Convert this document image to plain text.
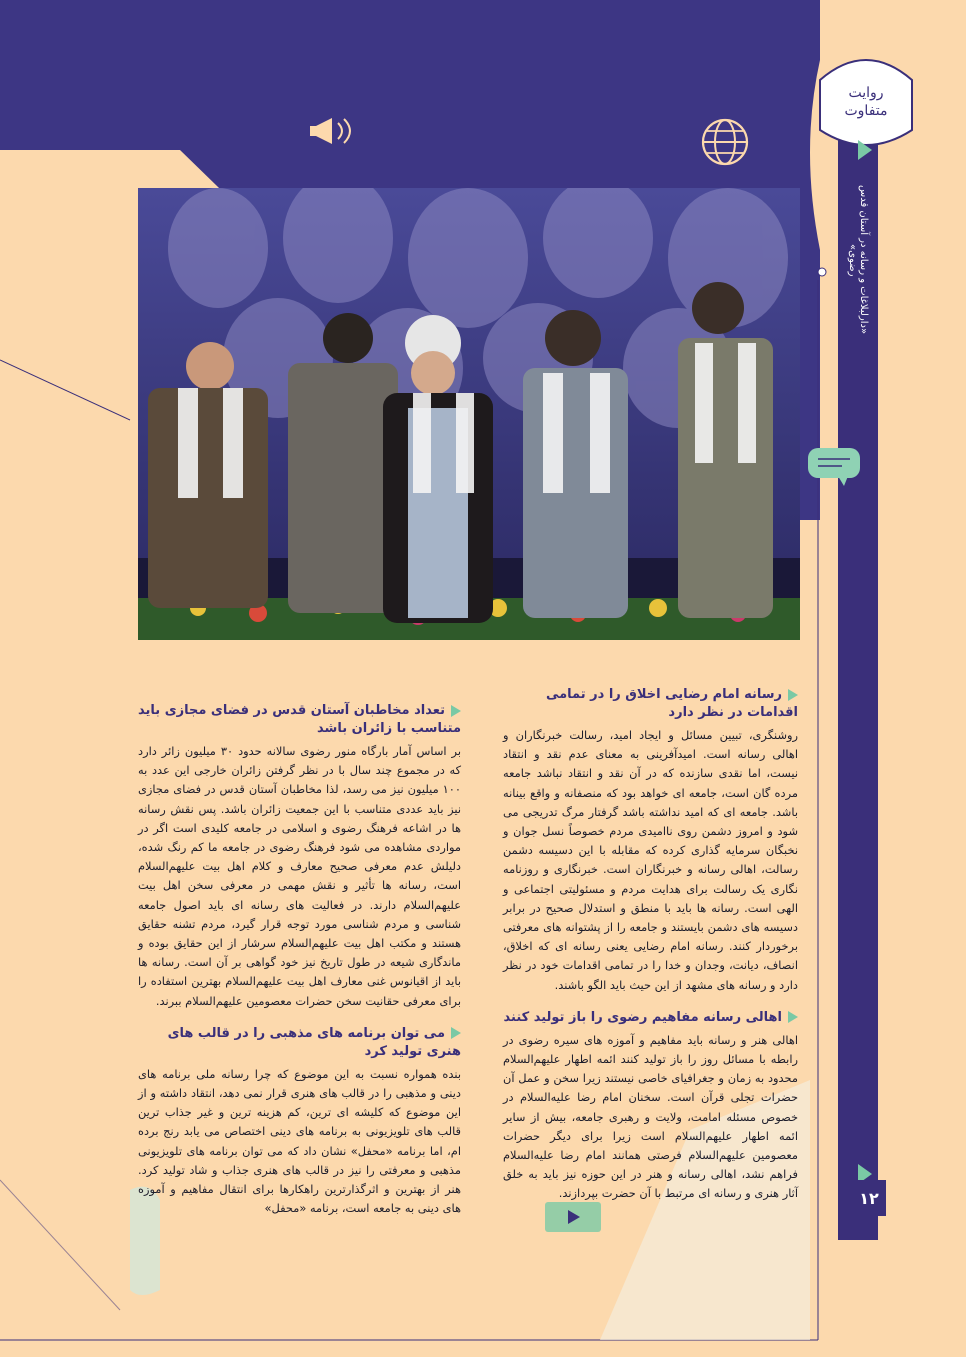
روایت متفاوت
«دارلبلاغات و رسانه در آستان قدس رضوی»
۱۲
رسانه امام رضایی اخلاق را در تمامی اقدامات در نظر دارد

روشنگری، تبیین مسائل و ایجاد امید، رسالت خبرنگاران و اهالی رسانه است. امیدآفرینی به معنای عدم نقد و انتقاد نیست، اما نقدی سازنده که در آن نقد و انتقاد نباشد جامعه مرده گان است، جامعه ای خواهد بود که منصفانه و واقع بینانه باشد. جامعه ای که امید نداشته باشد گرفتار مرگ تدریجی می شود و امروز دشمن روی ناامیدی مردم خصوصاً نسل جوان و نخبگان سرمایه گذاری کرده که مقابله با این دسیسه دشمن رسالت، اهالی رسانه و خبرنگاران است. خبرنگاری و روزنامه نگاری یک رسالت برای هدایت مردم و مسئولیتی اجتماعی و الهی است. رسانه ها باید با منطق و استدلال صحیح در برابر دسیسه های دشمن بایستند و جامعه را از پشتوانه های معرفتی برخوردار کنند. رسانه امام رضایی یعنی رسانه ای که اخلاق، انصاف، دیانت، وجدان و خدا را در تمامی اقدامات خود در نظر دارد و رسانه های مشهد از این حیث باید الگو باشند.

اهالی رسانه مفاهیم رضوی را باز تولید کنند

اهالی هنر و رسانه باید مفاهیم و آموزه های سیره رضوی در رابطه با مسائل روز را باز تولید کنند ائمه اطهار علیهم‌السلام محدود به زمان و جغرافیای خاصی نیستند زیرا سخن و عمل آن حضرات تجلی قرآن است. سخنان امام رضا علیه‌السلام در خصوص مسئله امامت، ولایت و رهبری جامعه، بیش از سایر ائمه اطهار علیهم‌السلام است زیرا برای دیگر حضرات معصومین علیهم‌السلام فرصتی همانند امام رضا علیه‌السلام فراهم نشد، اهالی رسانه و هنر در این حوزه نیز باید به خلق آثار هنری و رسانه ای مرتبط با آن حضرت بپردازند.

تعداد مخاطبان آستان قدس در فضای مجازی باید متناسب با زائران باشد

بر اساس آمار بارگاه منور رضوی سالانه حدود ۳۰ میلیون زائر دارد که در مجموع چند سال با در نظر گرفتن زائران خارجی این عدد به ۱۰۰ میلیون نیز می رسد، لذا مخاطبان آستان قدس در فضای مجازی نیز باید عددی متناسب با این جمعیت زائران باشد. پس نقش رسانه ها در اشاعه فرهنگ رضوی و اسلامی در جامعه کلیدی است اگر در مواردی مشاهده می شود فرهنگ رضوی در جامعه ما کم رنگ شده، دلیلش عدم معرفی صحیح معارف و کلام اهل بیت علیهم‌السلام است، رسانه ها تأثیر و نقش مهمی در معرفی سخن اهل بیت علیهم‌السلام دارند. در فعالیت های رسانه ای باید اصول جامعه شناسی و مردم شناسی مورد توجه قرار گیرد، مردم تشنه حقایق هستند و مکتب اهل بیت علیهم‌السلام سرشار از این حقایق بوده و ماندگاری شیعه در طول تاریخ نیز خود گواهی بر آن است. رسانه ها باید از اقیانوس غنی معارف اهل بیت علیهم‌السلام بهترین استفاده را برای معرفی حقانیت سخن حضرات معصومین علیهم‌السلام ببرند.

می توان برنامه های مذهبی را در قالب های هنری تولید کرد

بنده همواره نسبت به این موضوع که چرا رسانه ملی برنامه های دینی و مذهبی را در قالب های هنری قرار نمی دهد، انتقاد داشته و از این موضوع که کلیشه ای ترین، کم هزینه ترین و غیر جذاب ترین قالب های تلویزیونی به برنامه های دینی اختصاص می یابد رنج برده ام، اما برنامه «محفل» نشان داد که می توان برنامه های تلویزیونی مذهبی و معرفتی را نیز در قالب های هنری جذاب و شاد تولید کرد. هنر از بهترین و اثرگذارترین راهکارها برای انتقال مفاهیم و آموزه های دینی به جامعه است، برنامه «محفل»
